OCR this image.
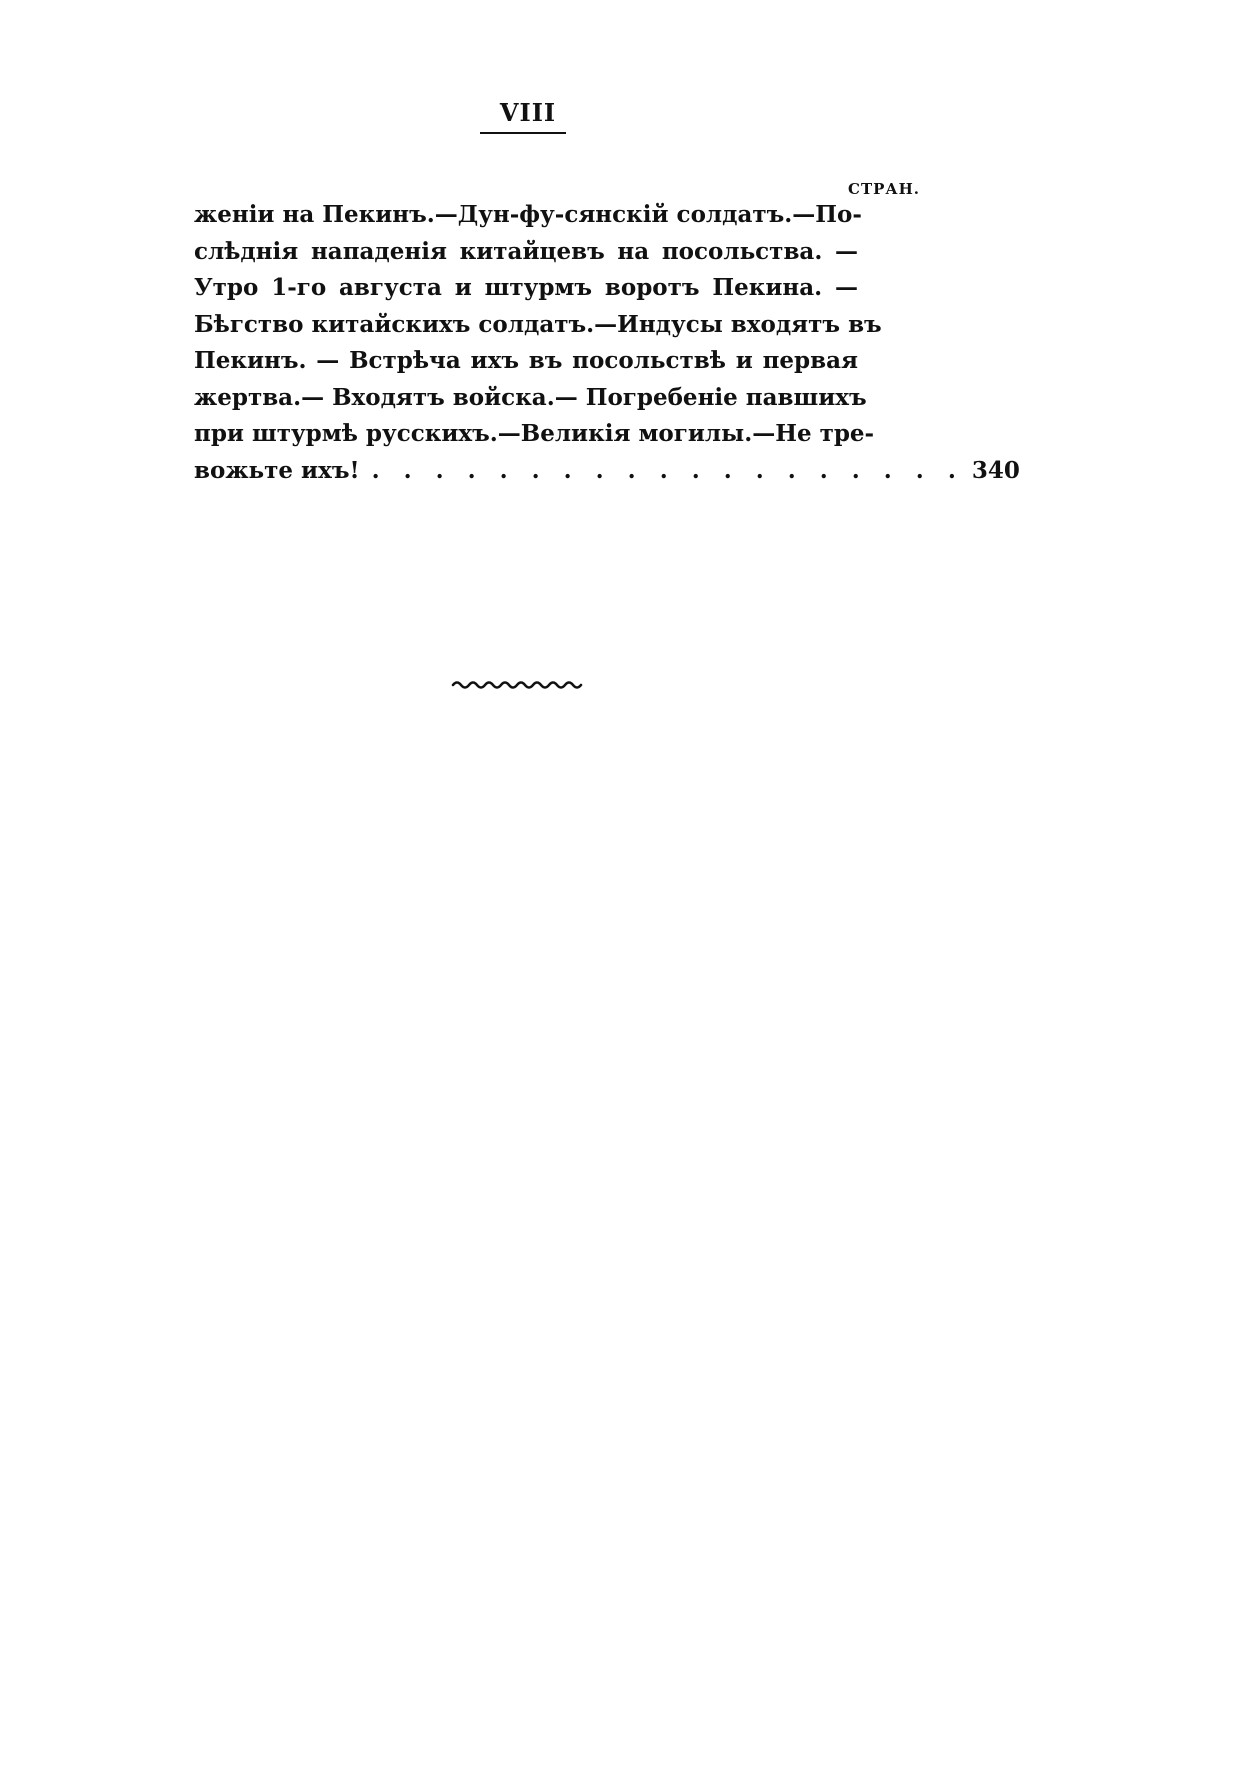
VIII
СТРАН.
женіи на Пекинъ.—Дун-фу-сянскій солдатъ.—По-
слѣднія нападенія китайцевъ на посольства. —
Утро 1-го августа и штурмъ воротъ Пекина. —
Бѣгство китайскихъ солдатъ.—Индусы входятъ въ
Пекинъ. — Встрѣча ихъ въ посольствѣ и первая
жертва.— Входятъ войска.— Погребеніе павшихъ
при штурмѣ русскихъ.—Великія могилы.—Не тре-
вожьте ихъ! . . . . . . . . . . . . . . . . . . . 340
